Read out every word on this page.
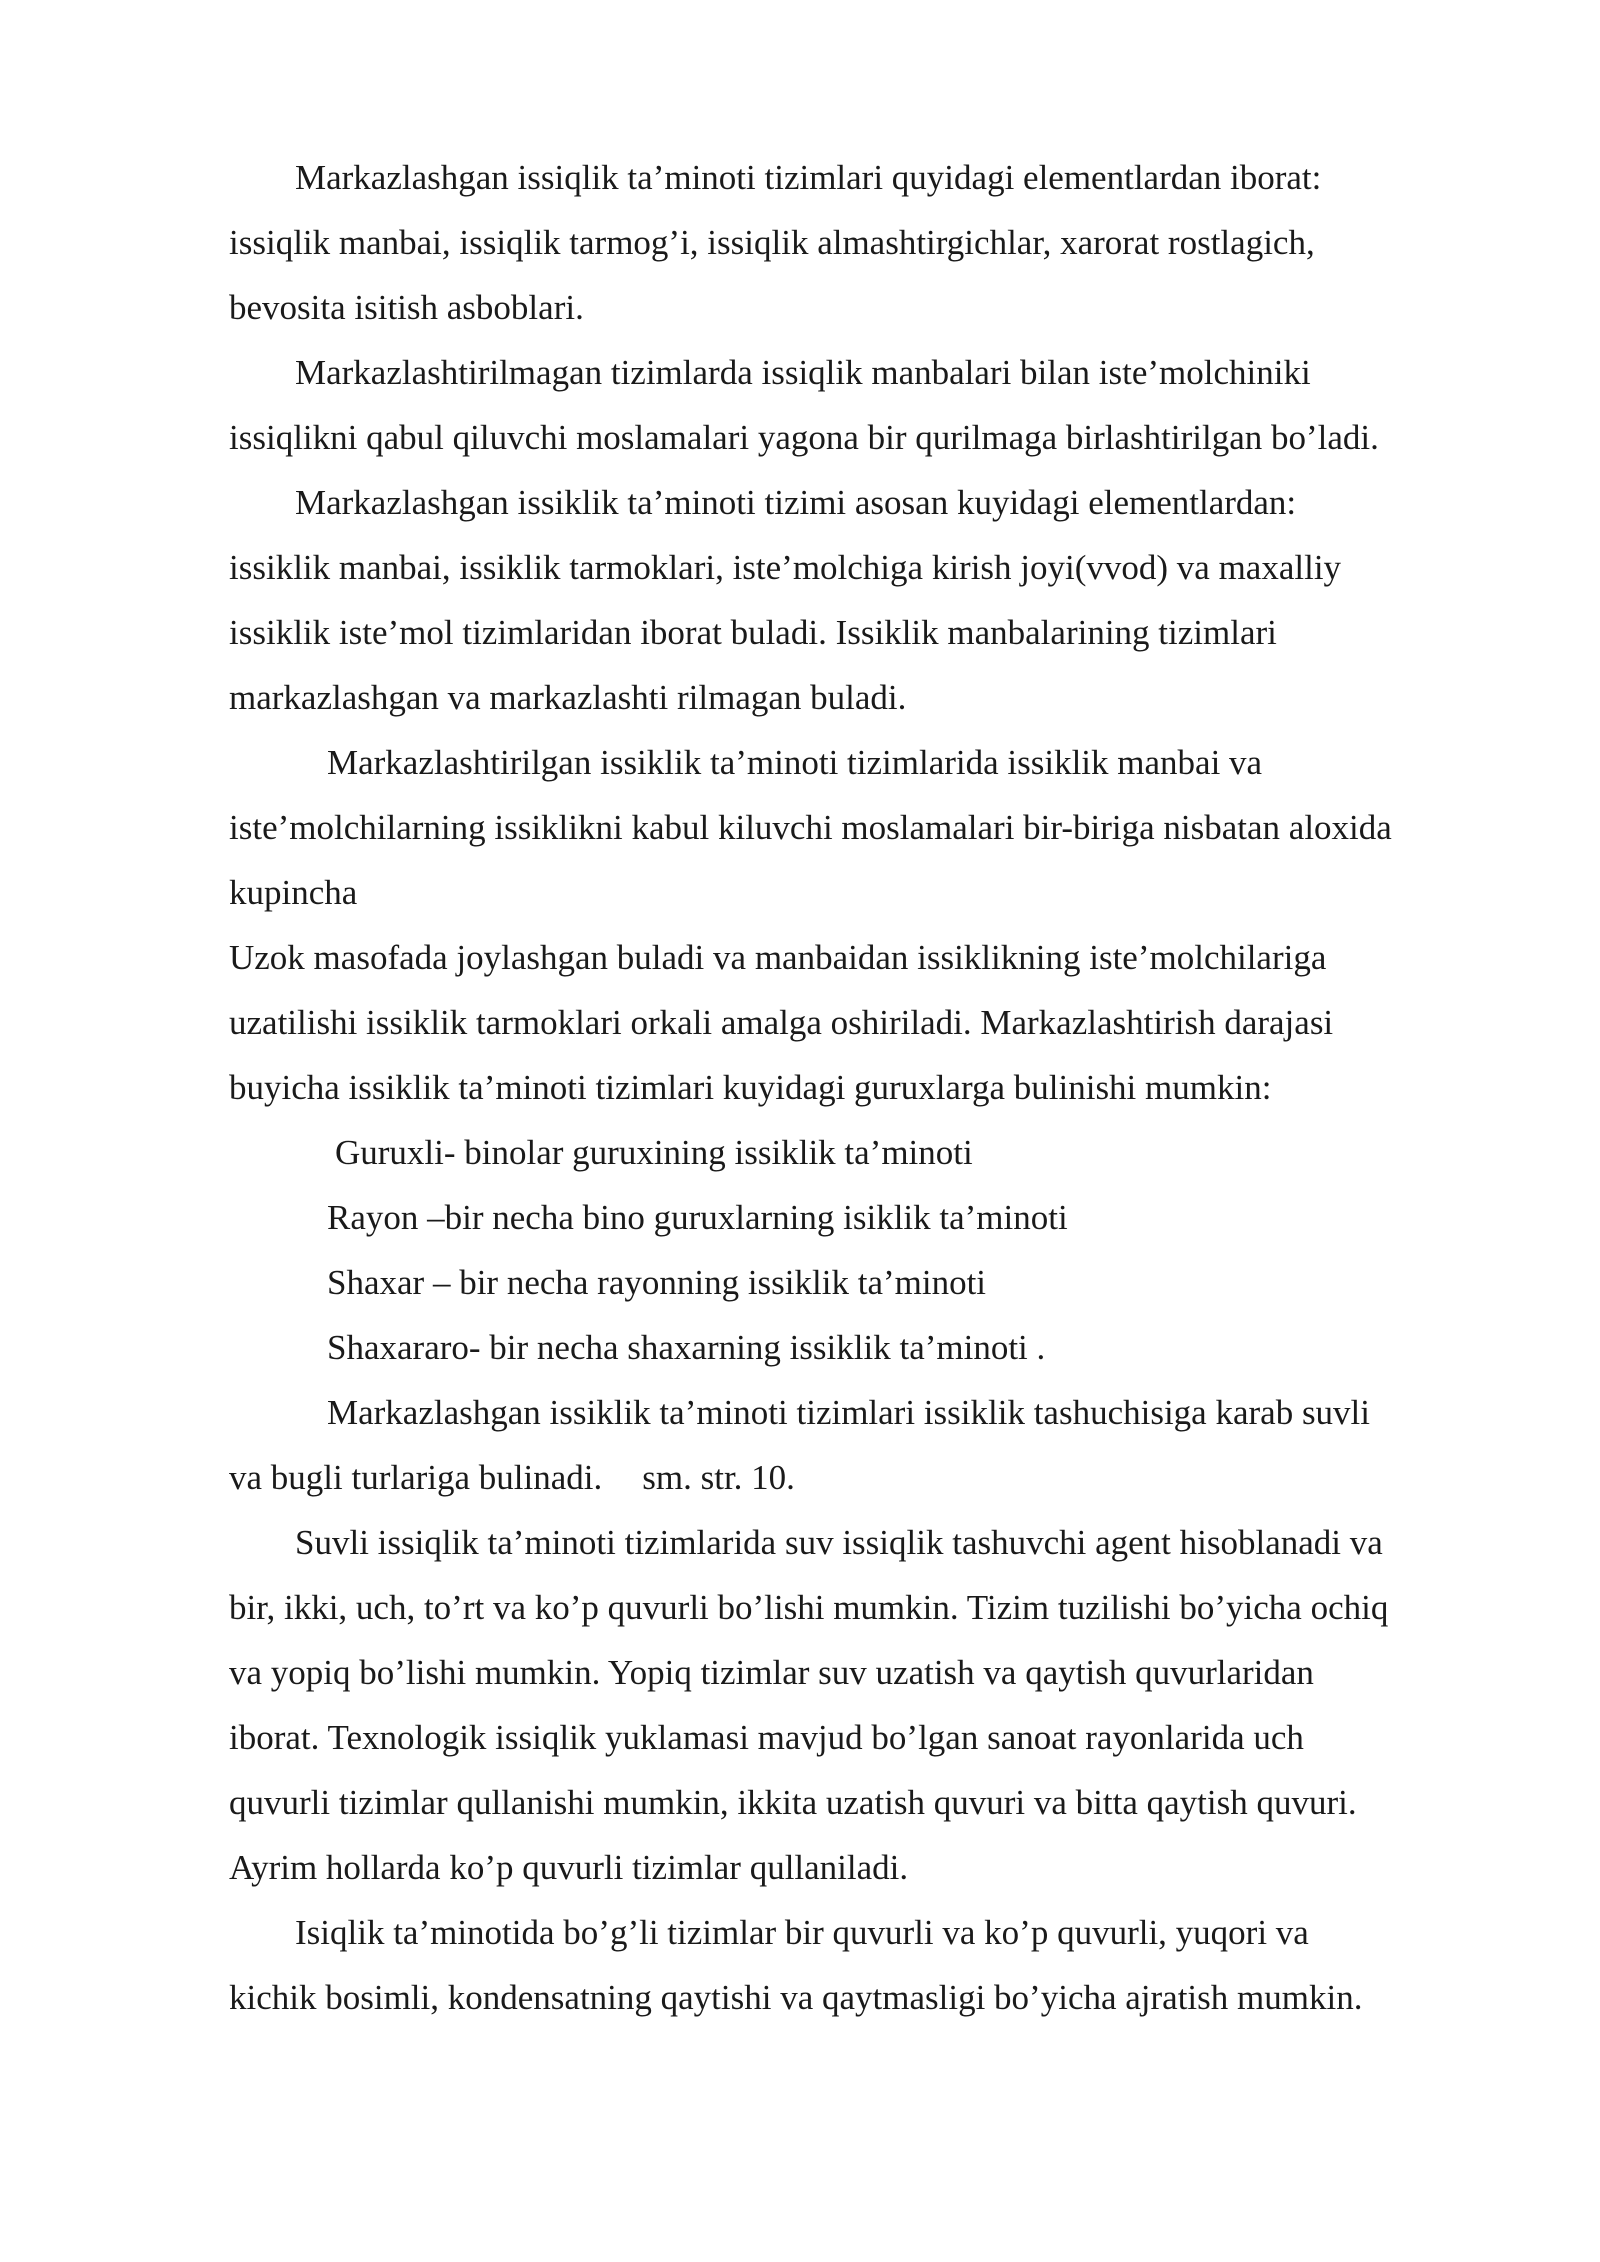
Markazlashgan issiqlik ta’minoti tizimlari quyidagi elementlardan iborat:
issiqlik manbai, issiqlik tarmog’i, issiqlik almashtirgichlar, xarorat rostlagich,
bevosita isitish asboblari.
Markazlashtirilmagan tizimlarda issiqlik manbalari bilan iste’molchiniki
issiqlikni qabul qiluvchi moslamalari yagona bir qurilmaga birlashtirilgan bo’ladi.
Markazlashgan issiklik ta’minoti tizimi asosan kuyidagi elementlardan:
issiklik manbai, issiklik tarmoklari, iste’molchiga kirish joyi(vvod) va maxalliy
issiklik iste’mol tizimlaridan iborat buladi. Issiklik manbalarining tizimlari
markazlashgan va markazlashti rilmagan buladi.
Markazlashtirilgan issiklik ta’minoti tizimlarida issiklik manbai va
iste’molchilarning issiklikni kabul kiluvchi moslamalari bir-biriga nisbatan aloxida
kupincha
Uzok masofada joylashgan buladi va manbaidan issiklikning iste’molchilariga
uzatilishi issiklik tarmoklari orkali amalga oshiriladi. Markazlashtirish darajasi
buyicha issiklik ta’minoti tizimlari kuyidagi guruxlarga bulinishi mumkin:
Guruxli- binolar guruxining issiklik ta’minoti
Rayon –bir necha bino guruxlarning isiklik ta’minoti
Shaxar – bir necha rayonning issiklik ta’minoti
Shaxararo- bir necha shaxarning issiklik ta’minoti .
Markazlashgan issiklik ta’minoti tizimlari issiklik tashuchisiga karab suvli
va bugli turlariga bulinadi. sm. str. 10.
Suvli issiqlik ta’minoti tizimlarida suv issiqlik tashuvchi agent hisoblanadi va
bir, ikki, uch, to’rt va ko’p quvurli bo’lishi mumkin. Tizim tuzilishi bo’yicha ochiq
va yopiq bo’lishi mumkin. Yopiq tizimlar suv uzatish va qaytish quvurlaridan
iborat. Texnologik issiqlik yuklamasi mavjud bo’lgan sanoat rayonlarida uch
quvurli tizimlar qullanishi mumkin, ikkita uzatish quvuri va bitta qaytish quvuri.
Ayrim hollarda ko’p quvurli tizimlar qullaniladi.
Isiqlik ta’minotida bo’g’li tizimlar bir quvurli va ko’p quvurli, yuqori va
kichik bosimli, kondensatning qaytishi va qaytmasligi bo’yicha ajratish mumkin.
